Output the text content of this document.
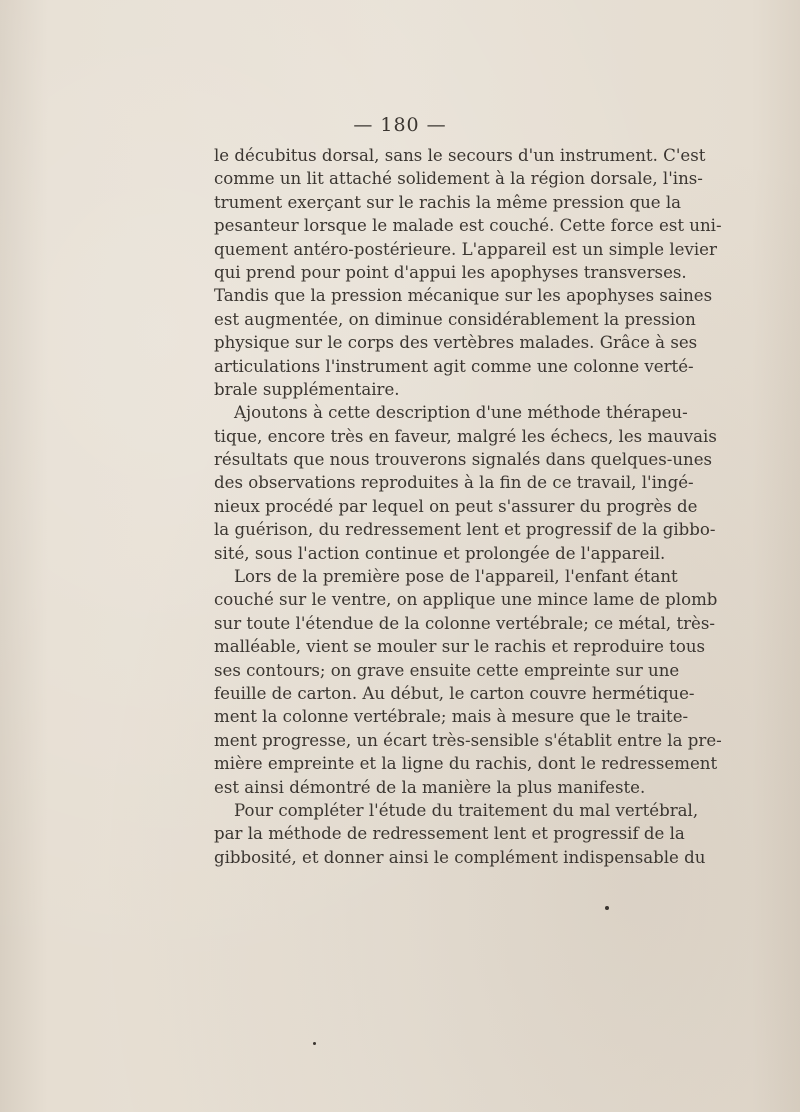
— 180 —
le décubitus dorsal, sans le secours d'un instrument. C'est
comme un lit attaché solidement à la région dorsale, l'ins-
trument exerçant sur le rachis la même pression que la
pesanteur lorsque le malade est couché. Cette force est uni-
quement antéro-postérieure. L'appareil est un simple levier
qui prend pour point d'appui les apophyses transverses.
Tandis que la pression mécanique sur les apophyses saines
est augmentée, on diminue considérablement la pression
physique sur le corps des vertèbres malades. Grâce à ses
articulations l'instrument agit comme une colonne verté-
brale supplémentaire.
Ajoutons à cette description d'une méthode thérapeu-
tique, encore très en faveur, malgré les échecs, les mauvais
résultats que nous trouverons signalés dans quelques-unes
des observations reproduites à la fin de ce travail, l'ingé-
nieux procédé par lequel on peut s'assurer du progrès de
la guérison, du redressement lent et progressif de la gibbo-
sité, sous l'action continue et prolongée de l'appareil.
Lors de la première pose de l'appareil, l'enfant étant
couché sur le ventre, on applique une mince lame de plomb
sur toute l'étendue de la colonne vertébrale; ce métal, très-
malléable, vient se mouler sur le rachis et reproduire tous
ses contours; on grave ensuite cette empreinte sur une
feuille de carton. Au début, le carton couvre hermétique-
ment la colonne vertébrale; mais à mesure que le traite-
ment progresse, un écart très-sensible s'établit entre la pre-
mière empreinte et la ligne du rachis, dont le redressement
est ainsi démontré de la manière la plus manifeste.
Pour compléter l'étude du traitement du mal vertébral,
par la méthode de redressement lent et progressif de la
gibbosité, et donner ainsi le complément indispensable du
